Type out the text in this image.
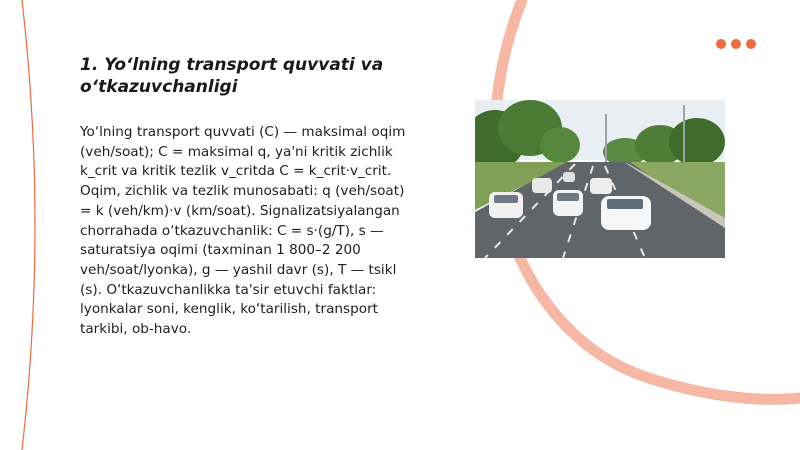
1. Yo‘lning transport quvvati va o‘tkazuvchanligi

Yo‘lning transport quvvati (C) — maksimal oqim (veh/soat); C = maksimal q, ya'ni kritik zichlik k_crit va kritik tezlik v_critda C = k_crit·v_crit. Oqim, zichlik va tezlik munosabati: q (veh/soat) = k (veh/km)·v (km/soat). Signalizatsiyalangan chorrahada o‘tkazuvchanlik: C = s·(g/T), s — saturatsiya oqimi (taxminan 1 800–2 200 veh/soat/lyonka), g — yashil davr (s), T — tsikl (s). O‘tkazuvchanlikka ta'sir etuvchi faktlar: lyonkalar soni, kenglik, ko‘tarilish, transport tarkibi, ob-havo.
